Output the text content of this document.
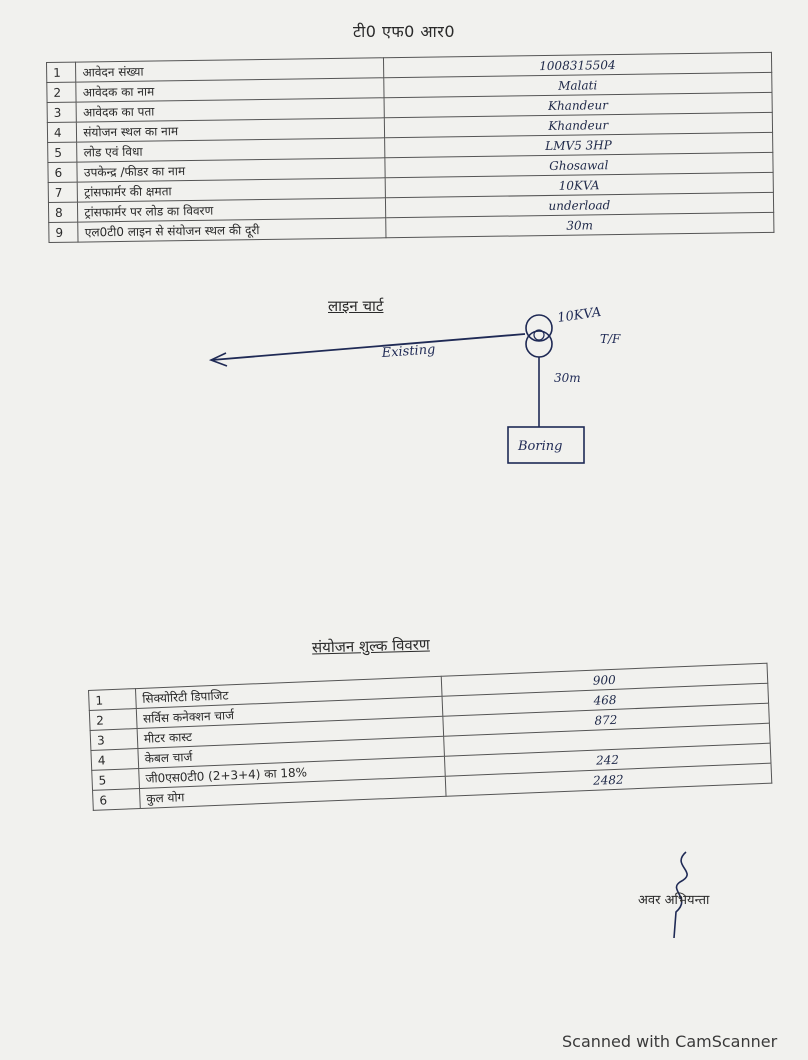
टी0 एफ0 आर0
1	आवेदन संख्या	1008315504
2	आवेदक का नाम	Malati
3	आवेदक का पता	Khandeur
4	संयोजन स्थल का नाम	Khandeur
5	लोड एवं विधा	LMV5 3HP
6	उपकेन्द्र /फीडर का नाम	Ghosawal
7	ट्रांसफार्मर की क्षमता	10KVA
8	ट्रांसफार्मर पर लोड का विवरण	underload
9	एल0टी0 लाइन से संयोजन स्थल की दूरी	30m
लाइन चार्ट
Existing
10KVA
T/F
30m
Boring
संयोजन शुल्क विवरण
1	सिक्योरिटी डिपाजिट	900
2	सर्विस कनेक्शन चार्ज	468
3	मीटर कास्ट	872
4	केबल चार्ज	
5	जी0एस0टी0 (2+3+4) का 18%	242
6	कुल योग	2482
अवर अभियन्ता
Scanned with CamScanner
